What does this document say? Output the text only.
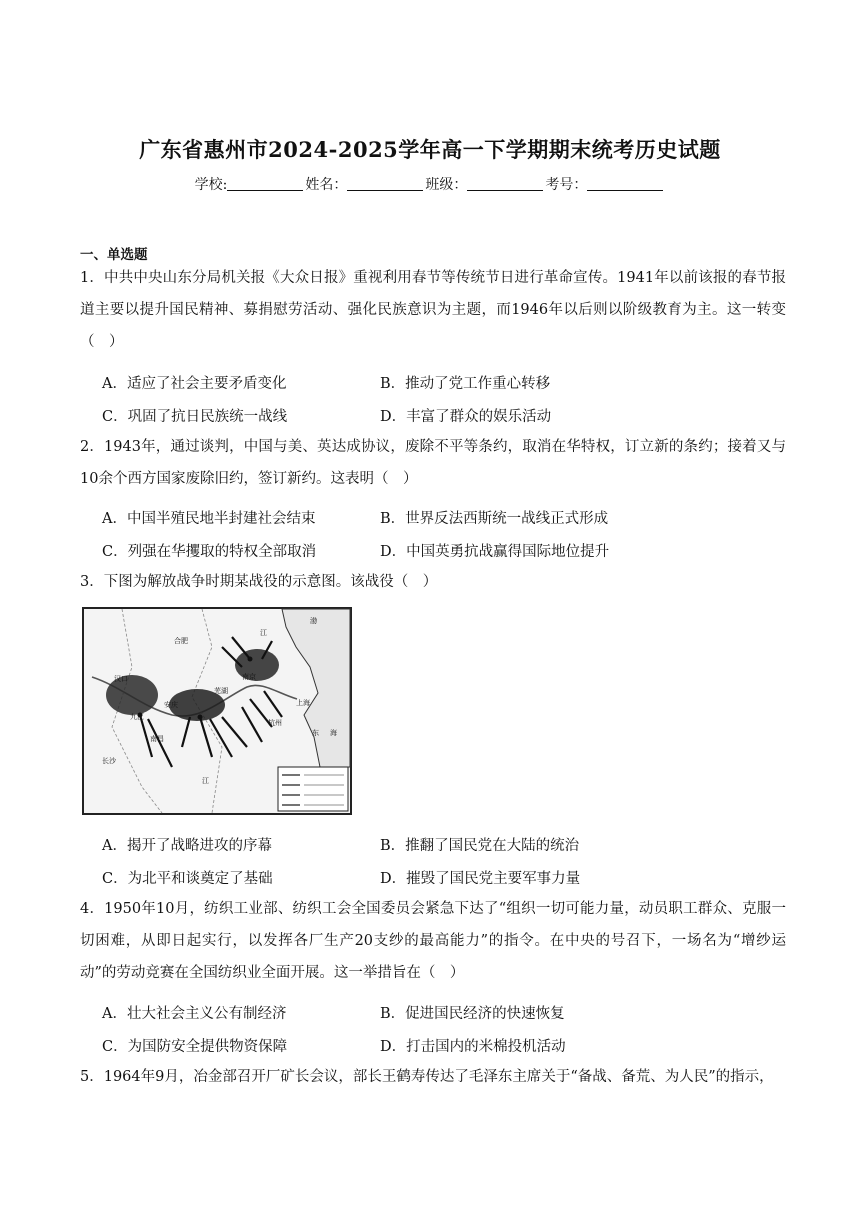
广东省惠州市2024-2025学年高一下学期期末统考历史试题
学校:	姓名：	班级：	考号：
一、单选题
1．中共中央山东分局机关报《大众日报》重视利用春节等传统节日进行革命宣传。1941年以前该报的春节报道主要以提升国民精神、募捐慰劳活动、强化民族意识为主题，而1946年以后则以阶级教育为主。这一转变（　）
A．适应了社会主要矛盾变化	B．推动了党工作重心转移
C．巩固了抗日民族统一战线	D．丰富了群众的娱乐活动
2．1943年，通过谈判，中国与美、英达成协议，废除不平等条约，取消在华特权，订立新的条约；接着又与10余个西方国家废除旧约，签订新约。这表明（　）
A．中国半殖民地半封建社会结束	B．世界反法西斯统一战线正式形成
C．列强在华攫取的特权全部取消	D．中国英勇抗战赢得国际地位提升
3．下图为解放战争时期某战役的示意图。该战役（　）
渤
合肥
江
南京
上海
杭州
东 海
南昌
长沙
江
汉口
九江
安庆
芜湖
A．揭开了战略进攻的序幕	B．推翻了国民党在大陆的统治
C．为北平和谈奠定了基础	D．摧毁了国民党主要军事力量
4．1950年10月，纺织工业部、纺织工会全国委员会紧急下达了“组织一切可能力量，动员职工群众、克服一切困难，从即日起实行，以发挥各厂生产20支纱的最高能力”的指令。在中央的号召下，一场名为“增纱运动”的劳动竞赛在全国纺织业全面开展。这一举措旨在（　）
A．壮大社会主义公有制经济	B．促进国民经济的快速恢复
C．为国防安全提供物资保障	D．打击国内的米棉投机活动
5．1964年9月，冶金部召开厂矿长会议，部长王鹤寿传达了毛泽东主席关于“备战、备荒、为人民”的指示，
